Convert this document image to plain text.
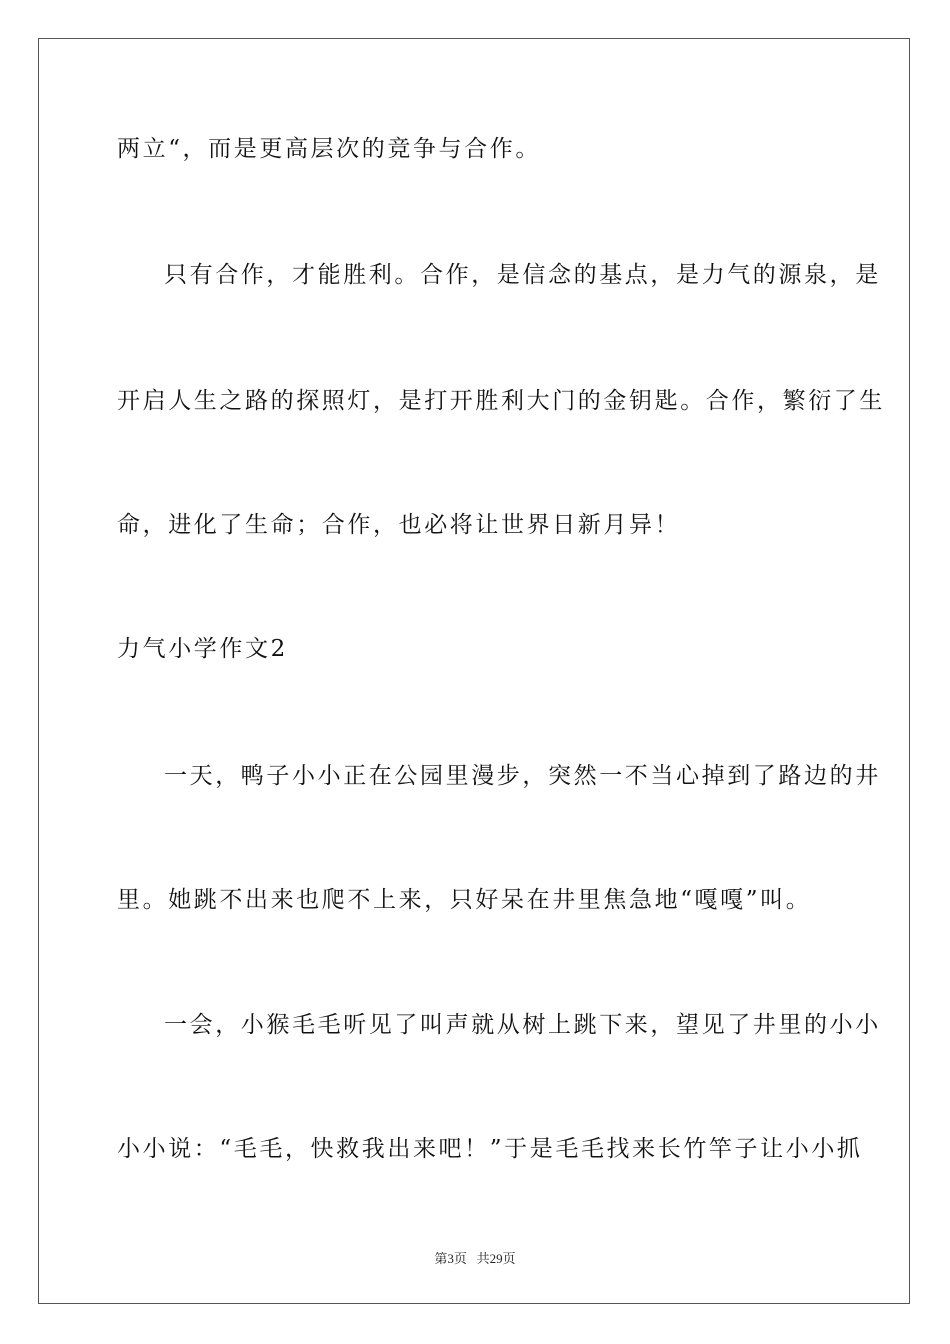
两立“，而是更高层次的竞争与合作。
只有合作，才能胜利。合作，是信念的基点，是力气的源泉，是
开启人生之路的探照灯，是打开胜利大门的金钥匙。合作，繁衍了生
命，进化了生命；合作，也必将让世界日新月异！
力气小学作文2
一天，鸭子小小正在公园里漫步，突然一不当心掉到了路边的井
里。她跳不出来也爬不上来，只好呆在井里焦急地“嘎嘎”叫。
一会，小猴毛毛听见了叫声就从树上跳下来，望见了井里的小小
小小说：“毛毛，快救我出来吧！”于是毛毛找来长竹竿子让小小抓
第3页 共29页
